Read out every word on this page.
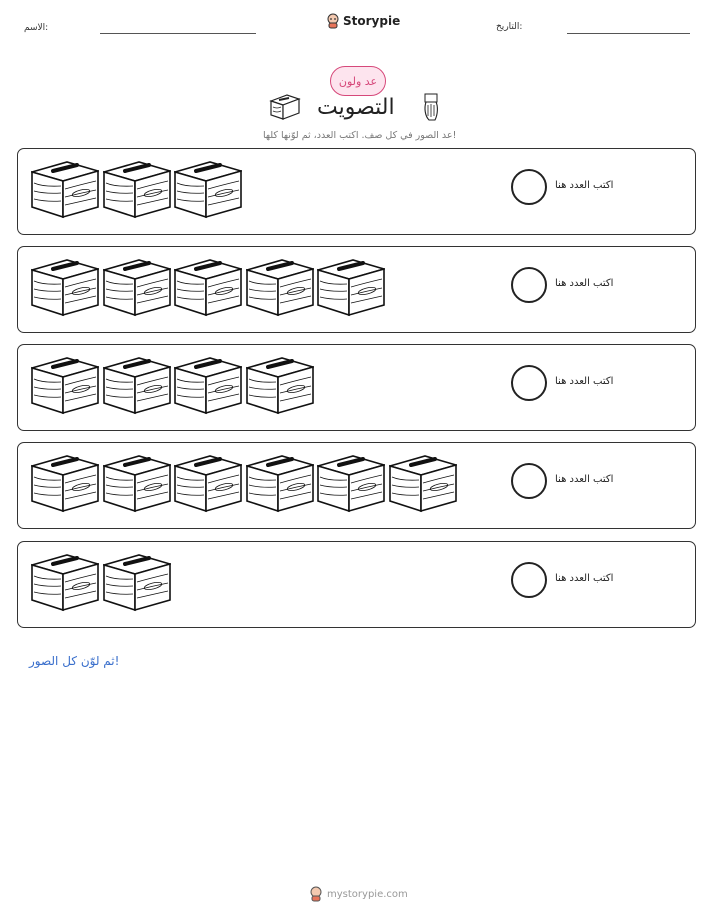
الاسم:	Storypie	التاريخ:
عد ولون
التصويت
عد الصور في كل صف. اكتب العدد، ثم لوّنها كلها!
اكتب العدد هنا
اكتب العدد هنا
اكتب العدد هنا
اكتب العدد هنا
اكتب العدد هنا
ثم لوّن كل الصور!
mystorypie.com
